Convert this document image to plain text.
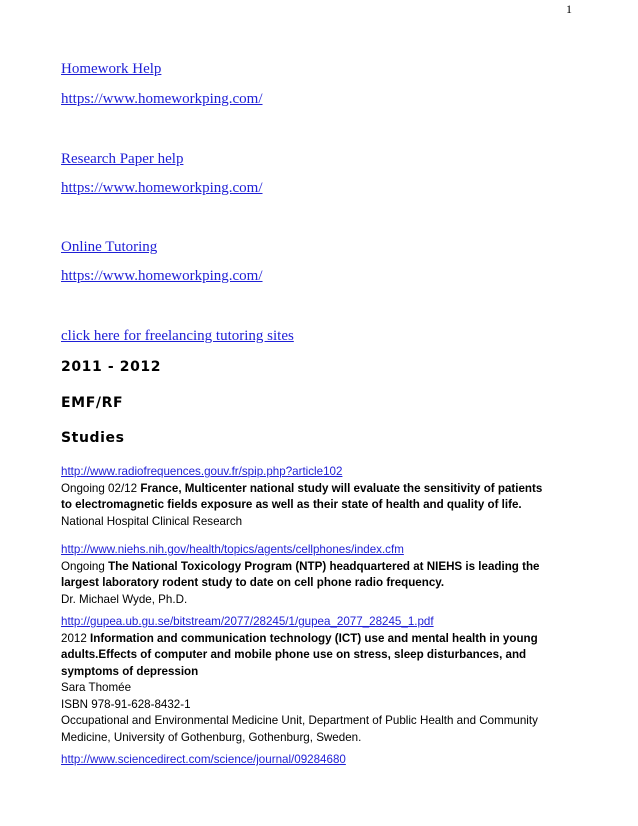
1
Homework Help
https://www.homeworkping.com/
Research Paper help
https://www.homeworkping.com/
Online Tutoring
https://www.homeworkping.com/
click here for freelancing tutoring sites
2011 - 2012
EMF/RF
Studies
http://www.radiofrequences.gouv.fr/spip.php?article102
Ongoing 02/12 France, Multicenter national study will evaluate the sensitivity of patients
to electromagnetic fields exposure as well as their state of health and quality of life.
National Hospital Clinical Research
http://www.niehs.nih.gov/health/topics/agents/cellphones/index.cfm
Ongoing The National Toxicology Program (NTP) headquartered at NIEHS is leading the
largest laboratory rodent study to date on cell phone radio frequency.
Dr. Michael Wyde, Ph.D.
http://gupea.ub.gu.se/bitstream/2077/28245/1/gupea_2077_28245_1.pdf
2012 Information and communication technology (ICT) use and mental health in young
adults.Effects of computer and mobile phone use on stress, sleep disturbances, and
symptoms of depression
Sara Thomée
ISBN 978-91-628-8432-1
Occupational and Environmental Medicine Unit, Department of Public Health and Community
Medicine, University of Gothenburg, Gothenburg, Sweden.
http://www.sciencedirect.com/science/journal/09284680
